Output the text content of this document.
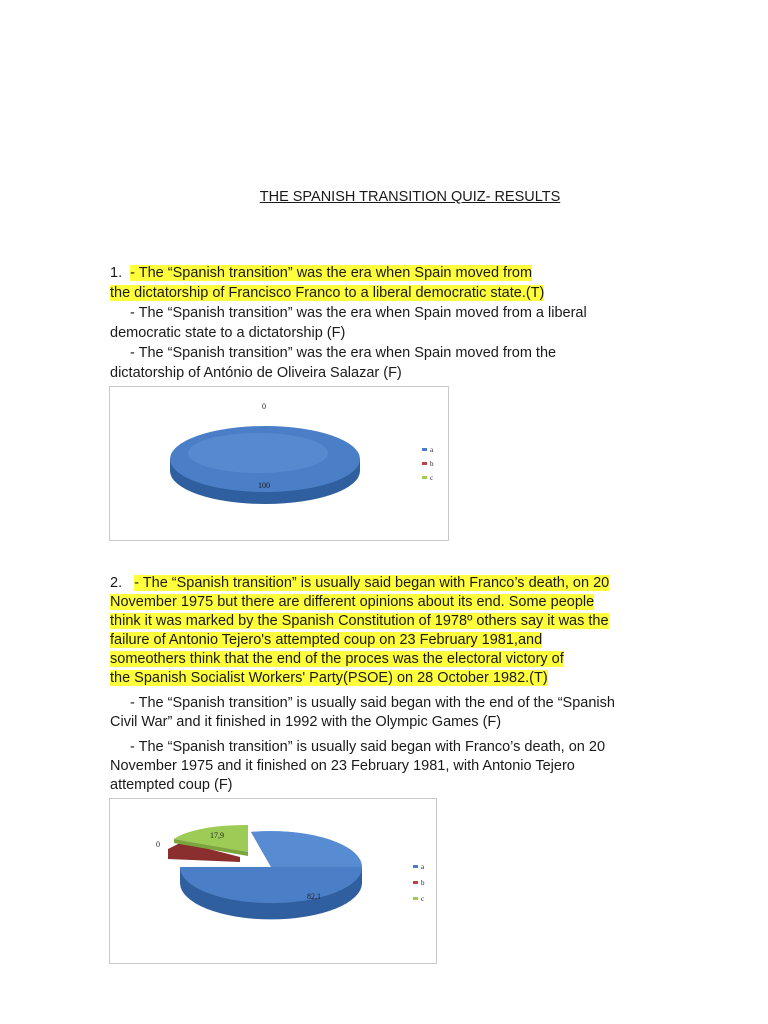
THE SPANISH TRANSITION QUIZ- RESULTS
1. - The “Spanish transition” was the era when Spain moved from
the dictatorship of Francisco Franco to a liberal democratic state.(T)
- The “Spanish transition” was the era when Spain moved from a liberal
democratic state to a dictatorship (F)
- The “Spanish transition” was the era when Spain moved from the
dictatorship of António de Oliveira Salazar (F)
0
100
a
b
c
2. - The “Spanish transition” is usually said began with Franco’s death, on 20
November 1975 but there are different opinions about its end. Some people
think it was marked by the Spanish Constitution of 1978º others say it was the
failure of Antonio Tejero's attempted coup on 23 February 1981,and
someothers think that the end of the proces was the electoral victory of
the Spanish Socialist Workers' Party(PSOE) on 28 October 1982.(T)
- The “Spanish transition” is usually said began with the end of the “Spanish
Civil War” and it finished in 1992 with the Olympic Games (F)
- The “Spanish transition” is usually said began with Franco’s death, on 20
November 1975 and it finished on 23 February 1981, with Antonio Tejero
attempted coup (F)
17,9
0
82,1
a
b
c
